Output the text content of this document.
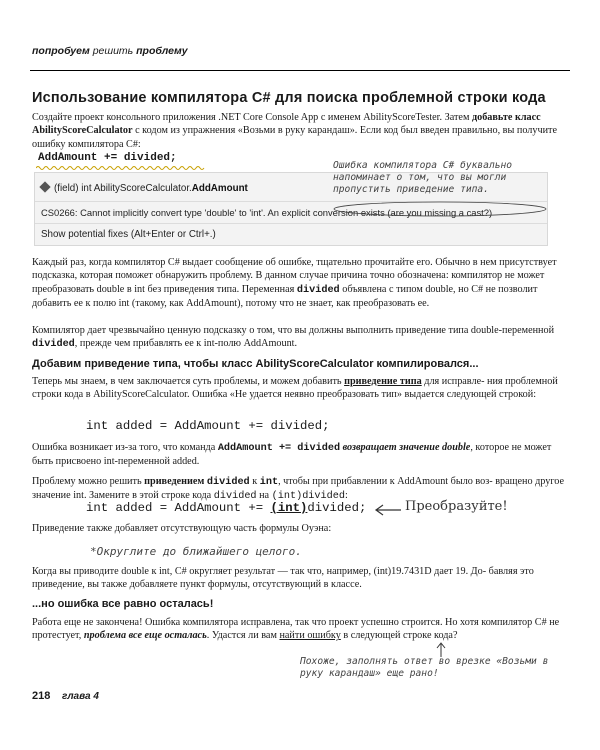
попробуем решить проблему
Использование компилятора C# для поиска проблемной строки кода
Создайте проект консольного приложения .NET Core Console App с именем AbilityScoreTester. Затем добавьте класс AbilityScoreCalculator с кодом из упражнения «Возьми в руку карандаш». Если код был введен правильно, вы получите ошибку компилятора C#:
AddAmount += divided;
(field) int AbilityScoreCalculator.AddAmount
CS0266: Cannot implicitly convert type 'double' to 'int'. An explicit conversion exists (are you missing a cast?)
Show potential fixes (Alt+Enter or Ctrl+.)
Ошибка компилятора C# буквально напоминает о том, что вы могли пропустить приведение типа.
Каждый раз, когда компилятор C# выдает сообщение об ошибке, тщательно прочитайте его. Обычно в нем присутствует подсказка, которая поможет обнаружить проблему. В данном случае причина точно обозначена: компилятор не может преобразовать double в int без приведения типа. Переменная divided объявлена с типом double, но C# не позволит добавить ее к полю int (такому, как AddAmount), потому что не знает, как преобразовать ее.
Компилятор дает чрезвычайно ценную подсказку о том, что вы должны выполнить приведение типа double-переменной divided, прежде чем прибавлять ее к int-полю AddAmount.
Добавим приведение типа, чтобы класс AbilityScoreCalculator компилировался...
Теперь мы знаем, в чем заключается суть проблемы, и можем добавить приведение типа для исправле- ния проблемной строки кода в AbilityScoreCalculator. Ошибка «Не удается неявно преобразовать тип» выдается следующей строкой:
int added = AddAmount += divided;
Ошибка возникает из-за того, что команда AddAmount += divided возвращает значение double, которое не может быть присвоено int-переменной added.
Проблему можно решить приведением divided к int, чтобы при прибавлении к AddAmount было воз- вращено другое значение int. Замените в этой строке кода divided на (int)divided:
int added = AddAmount += (int)divided;	Преобразуйте!
Приведение также добавляет отсутствующую часть формулы Оуэна:
*Округлите до ближайшего целого.
Когда вы приводите double к int, C# округляет результат — так что, например, (int)19.7431D дает 19. До- бавляя это приведение, вы также добавляете пункт формулы, отсутствующий в классе.
...но ошибка все равно осталась!
Работа еще не закончена! Ошибка компилятора исправлена, так что проект успешно строится. Но хотя компилятор C# не протестует, проблема все еще осталась. Удастся ли вам найти ошибку в следующей строке кода?
Похоже, заполнять ответ во врезке «Возьми в руку карандаш» еще рано!
218 глава 4
